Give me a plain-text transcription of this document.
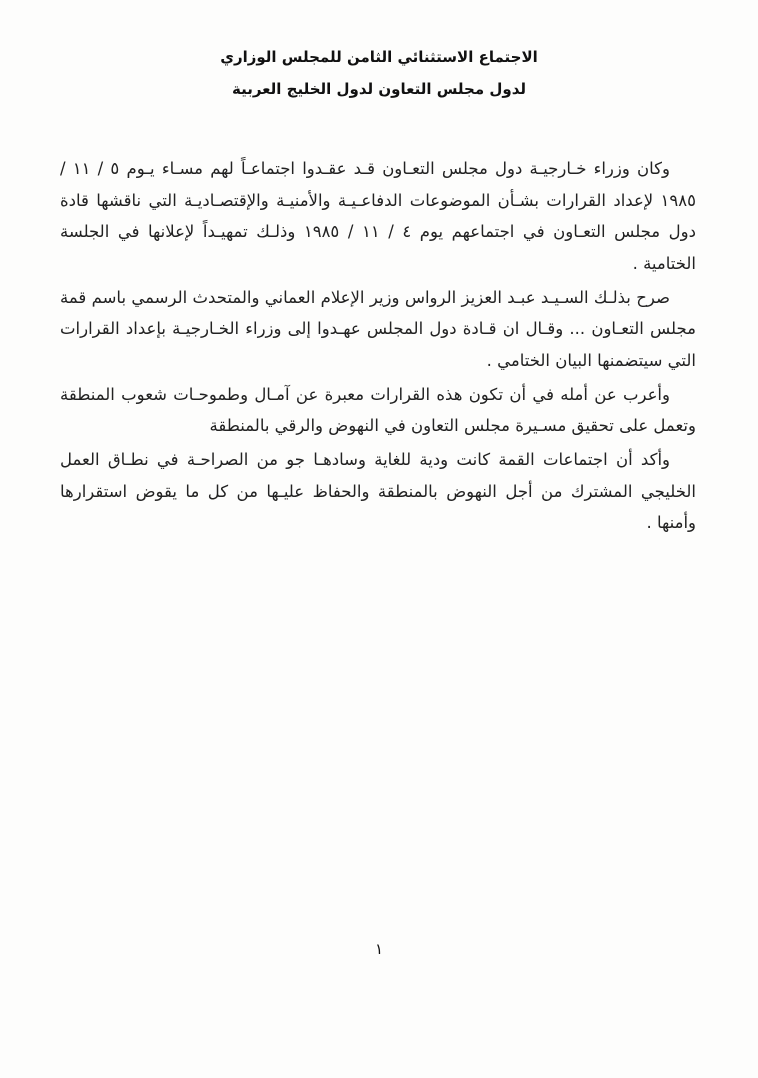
الاجتماع الاستثنائي الثامن للمجلس الوزاري
لدول مجلس التعاون لدول الخليج العربية

وكان وزراء خـارجيـة دول مجلس التعـاون قـد عقـدوا اجتماعـاً لهم مسـاء يـوم ٥ / ١١ / ١٩٨٥ لإعداد القرارات بشـأن الموضوعات الدفاعـيـة والأمنيـة والإقتصـاديـة التي ناقشها قادة دول مجلس التعـاون في اجتماعهم يوم ٤ / ١١ / ١٩٨٥ وذلـك تمهيـداً لإعلانها في الجلسة الختامية .

صرح بذلـك السـيـد عبـد العزيز الرواس وزير الإعلام العماني والمتحدث الرسمي باسم قمة مجلس التعـاون ... وقـال ان قـادة دول المجلس عهـدوا إلى وزراء الخـارجيـة بإعداد القرارات التي سيتضمنها البيان الختامي .

وأعرب عن أمله في أن تكون هذه القرارات معبرة عن آمـال وطموحـات شعوب المنطقة وتعمل على تحقيق مسـيرة مجلس التعاون في النهوض والرقي بالمنطقة

وأكد أن اجتماعات القمة كانت ودية للغاية وسادهـا جو من الصراحـة في نطـاق العمل الخليجي المشترك من أجل النهوض بالمنطقة والحفاظ عليـها من كل ما يقوض استقرارها وأمنها .

١
